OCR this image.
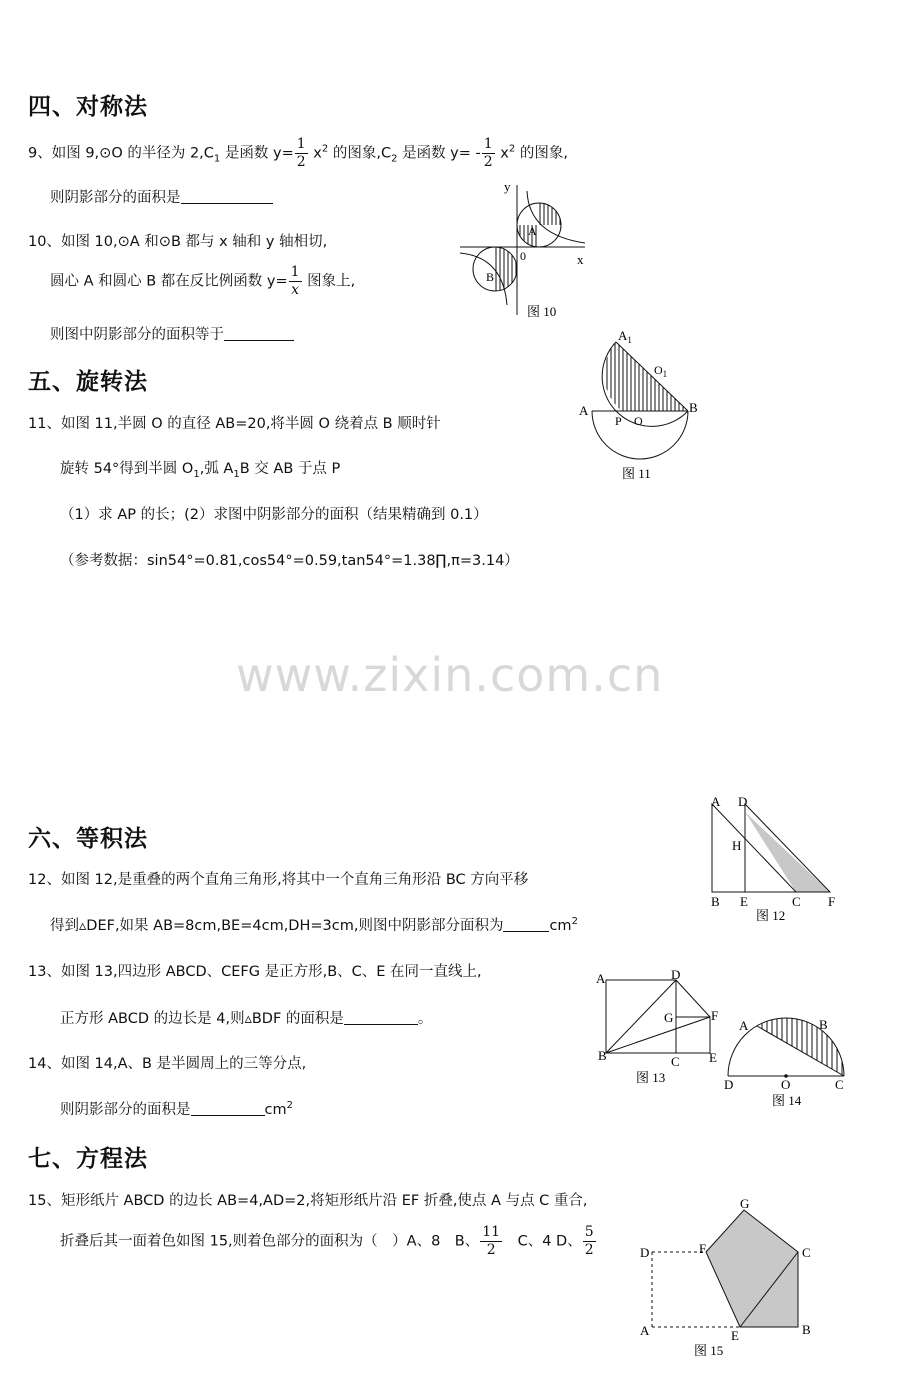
四、对称法
9、如图 9,⊙O 的半径为 $2,C_1$ 是函数 $y= \frac{1}{2} x^2$ 的图象$,C_2$ 是函数 $y= - \frac{1}{2} x^2$ 的图象,
则阴影部分的面积是
10、如图 10,⊙A 和⊙B 都与 x 轴和 y 轴相切,
圆心 A 和圆心 B 都在反比例函数 $y= \frac{1}{x}$ 图象上,
则图中阴影部分的面积等于
y
x
0
A
B
图 10
五、旋转法
11、如图 11,半圆 O 的直径 AB=20,将半圆 O 绕着点 B 顺时针
旋转 54°得到半圆 $O_1$,弧 $A_1B$ 交 AB 于点 P
（1）求 AP 的长；(2）求图中阴影部分的面积（结果精确到 0.1）
（参考数据：sin54°=0.81,cos54°=0.59,tan54°=1.38∏,π=3.14）
$A_1$
$O_1$
A
P O
B
图 11
www.zixin.com.cn
六、等积法
12、如图 12,是重叠的两个直角三角形,将其中一个直角三角形沿 BC 方向平移
得到▵DEF,如果 AB=8cm,BE=4cm,DH=3cm,则图中阴影部分面积为	$cm^2$
A D
H
B E	C F
图 12
13、如图 13,四边形 ABCD、CEFG 是正方形,B、C、E 在同一直线上,
正方形 ABCD 的边长是 4,则▵BDF 的面积是	。
A	D
G	F
B	C E
图 13
14、如图 14,A、B 是半圆周上的三等分点,
则阴影部分的面积是	$cm^2$
A	B
D	O	C
图 14
七、方程法
15、矩形纸片 ABCD 的边长 AB=4,AD=2,将矩形纸片沿 EF 折叠,使点 A 与点 C 重合,
折叠后其一面着色如图 15,则着色部分的面积为（　）A、8　B、 $\frac{11}{2}$ 　C、4 D、 $\frac{5}{2}$
G
D	F	C
A	E	B
图 15
